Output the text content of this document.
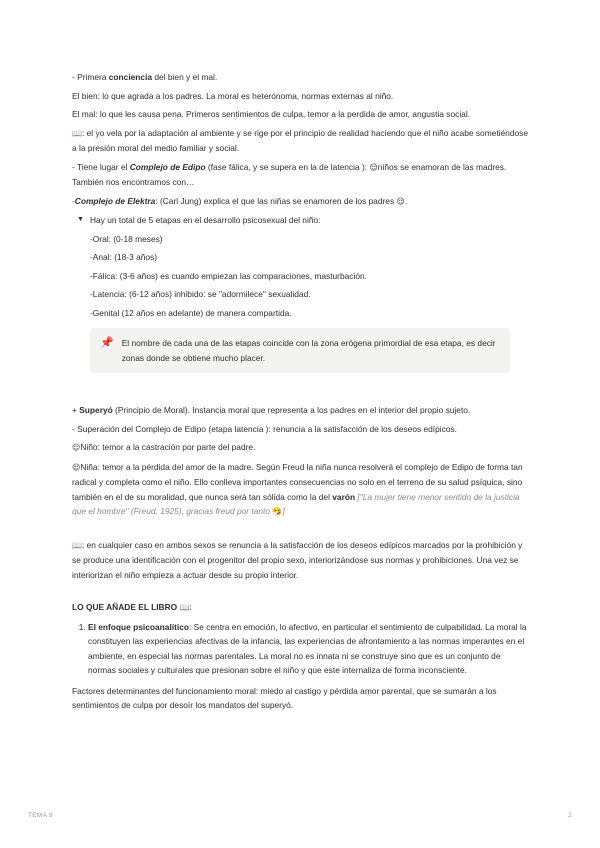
- Primera conciencia del bien y el mal.

El bien: lo que agrada a los padres. La moral es heterónoma, normas externas al niño.

El mal: lo que les causa pena. Primeros sentimientos de culpa, temor a la perdida de amor, angustia social.

📖: el yo vela por la adaptación al ambiente y se rige por el principio de realidad haciendo que el niño acabe sometiéndose a la presión moral del medio familiar y social.

- Tiene lugar el Complejo de Edipo (fase fálica, y se supera en la de latencia ): 😌niños se enamoran de las madres. También nos encontramos con…

-Complejo de Elektra: (Carl Jung) explica el que las niñas se enamoren de los padres 😌.

▼ Hay un total de 5 etapas en el desarrollo psicosexual del niño:
-Oral: (0-18 meses)
-Anal: (18-3 años)
-Fálica: (3-6 años) es cuando empiezan las comparaciones, masturbación.
-Latencia: (6-12 años) inhibido: se "adormilece" sexualidad.
-Genital (12 años en adelante) de manera compartida.
📌 El nombre de cada una de las etapas coincide con la zona erógena primordial de esa etapa, es decir zonas donde se obtiene mucho placer.

+ Superyó (Principio de Moral). Instancia moral que representa a los padres en el interior del propio sujeto.

- Superación del Complejo de Edipo (etapa latencia ): renuncia a la satisfacción de los deseos edípicos.

😌Niño: temor a la castración por parte del padre.

😌Niña: temor a la pérdida del amor de la madre. Según Freud la niña nunca resolverá el complejo de Edipo de forma tan radical y completa como el niño. Ello conlleva importantes consecuencias no solo en el terreno de su salud psíquica, sino también en el de su moralidad, que nunca será tan sólida como la del varón ["La mujer tiene menor sentido de la justicia que el hombre" (Freud, 1925), gracias freud por tanto 🤧]

📖: en cualquier caso en ambos sexos se renuncia a la satisfacción de los deseos edípicos marcados por la prohibición y se produce una identificación con el progenitor del propio sexo, interiorizándose sus normas y prohibiciones. Una vez se interiorizan el niño empieza a actuar desde su propio interior.

LO QUE AÑADE EL LIBRO 📖:

1. El enfoque psicoanalítico: Se centra en emoción, lo afectivo, en particular el sentimiento de culpabilidad. La moral la constituyen las experiencias afectivas de la infancia, las experiencias de afrontamiento a las normas imperantes en el ambiente, en especial las normas parentales. La moral no es innata ni se construye sino que es un conjunto de normas sociales y culturales que presionan sobre el niño y que este internaliza de forma inconsciente.

Factores determinantes del funcionamiento moral: miedo al castigo y pérdida amor parental, que se sumarán a los sentimientos de culpa por desoír los mandatos del superyó.

TEMA 9	2
